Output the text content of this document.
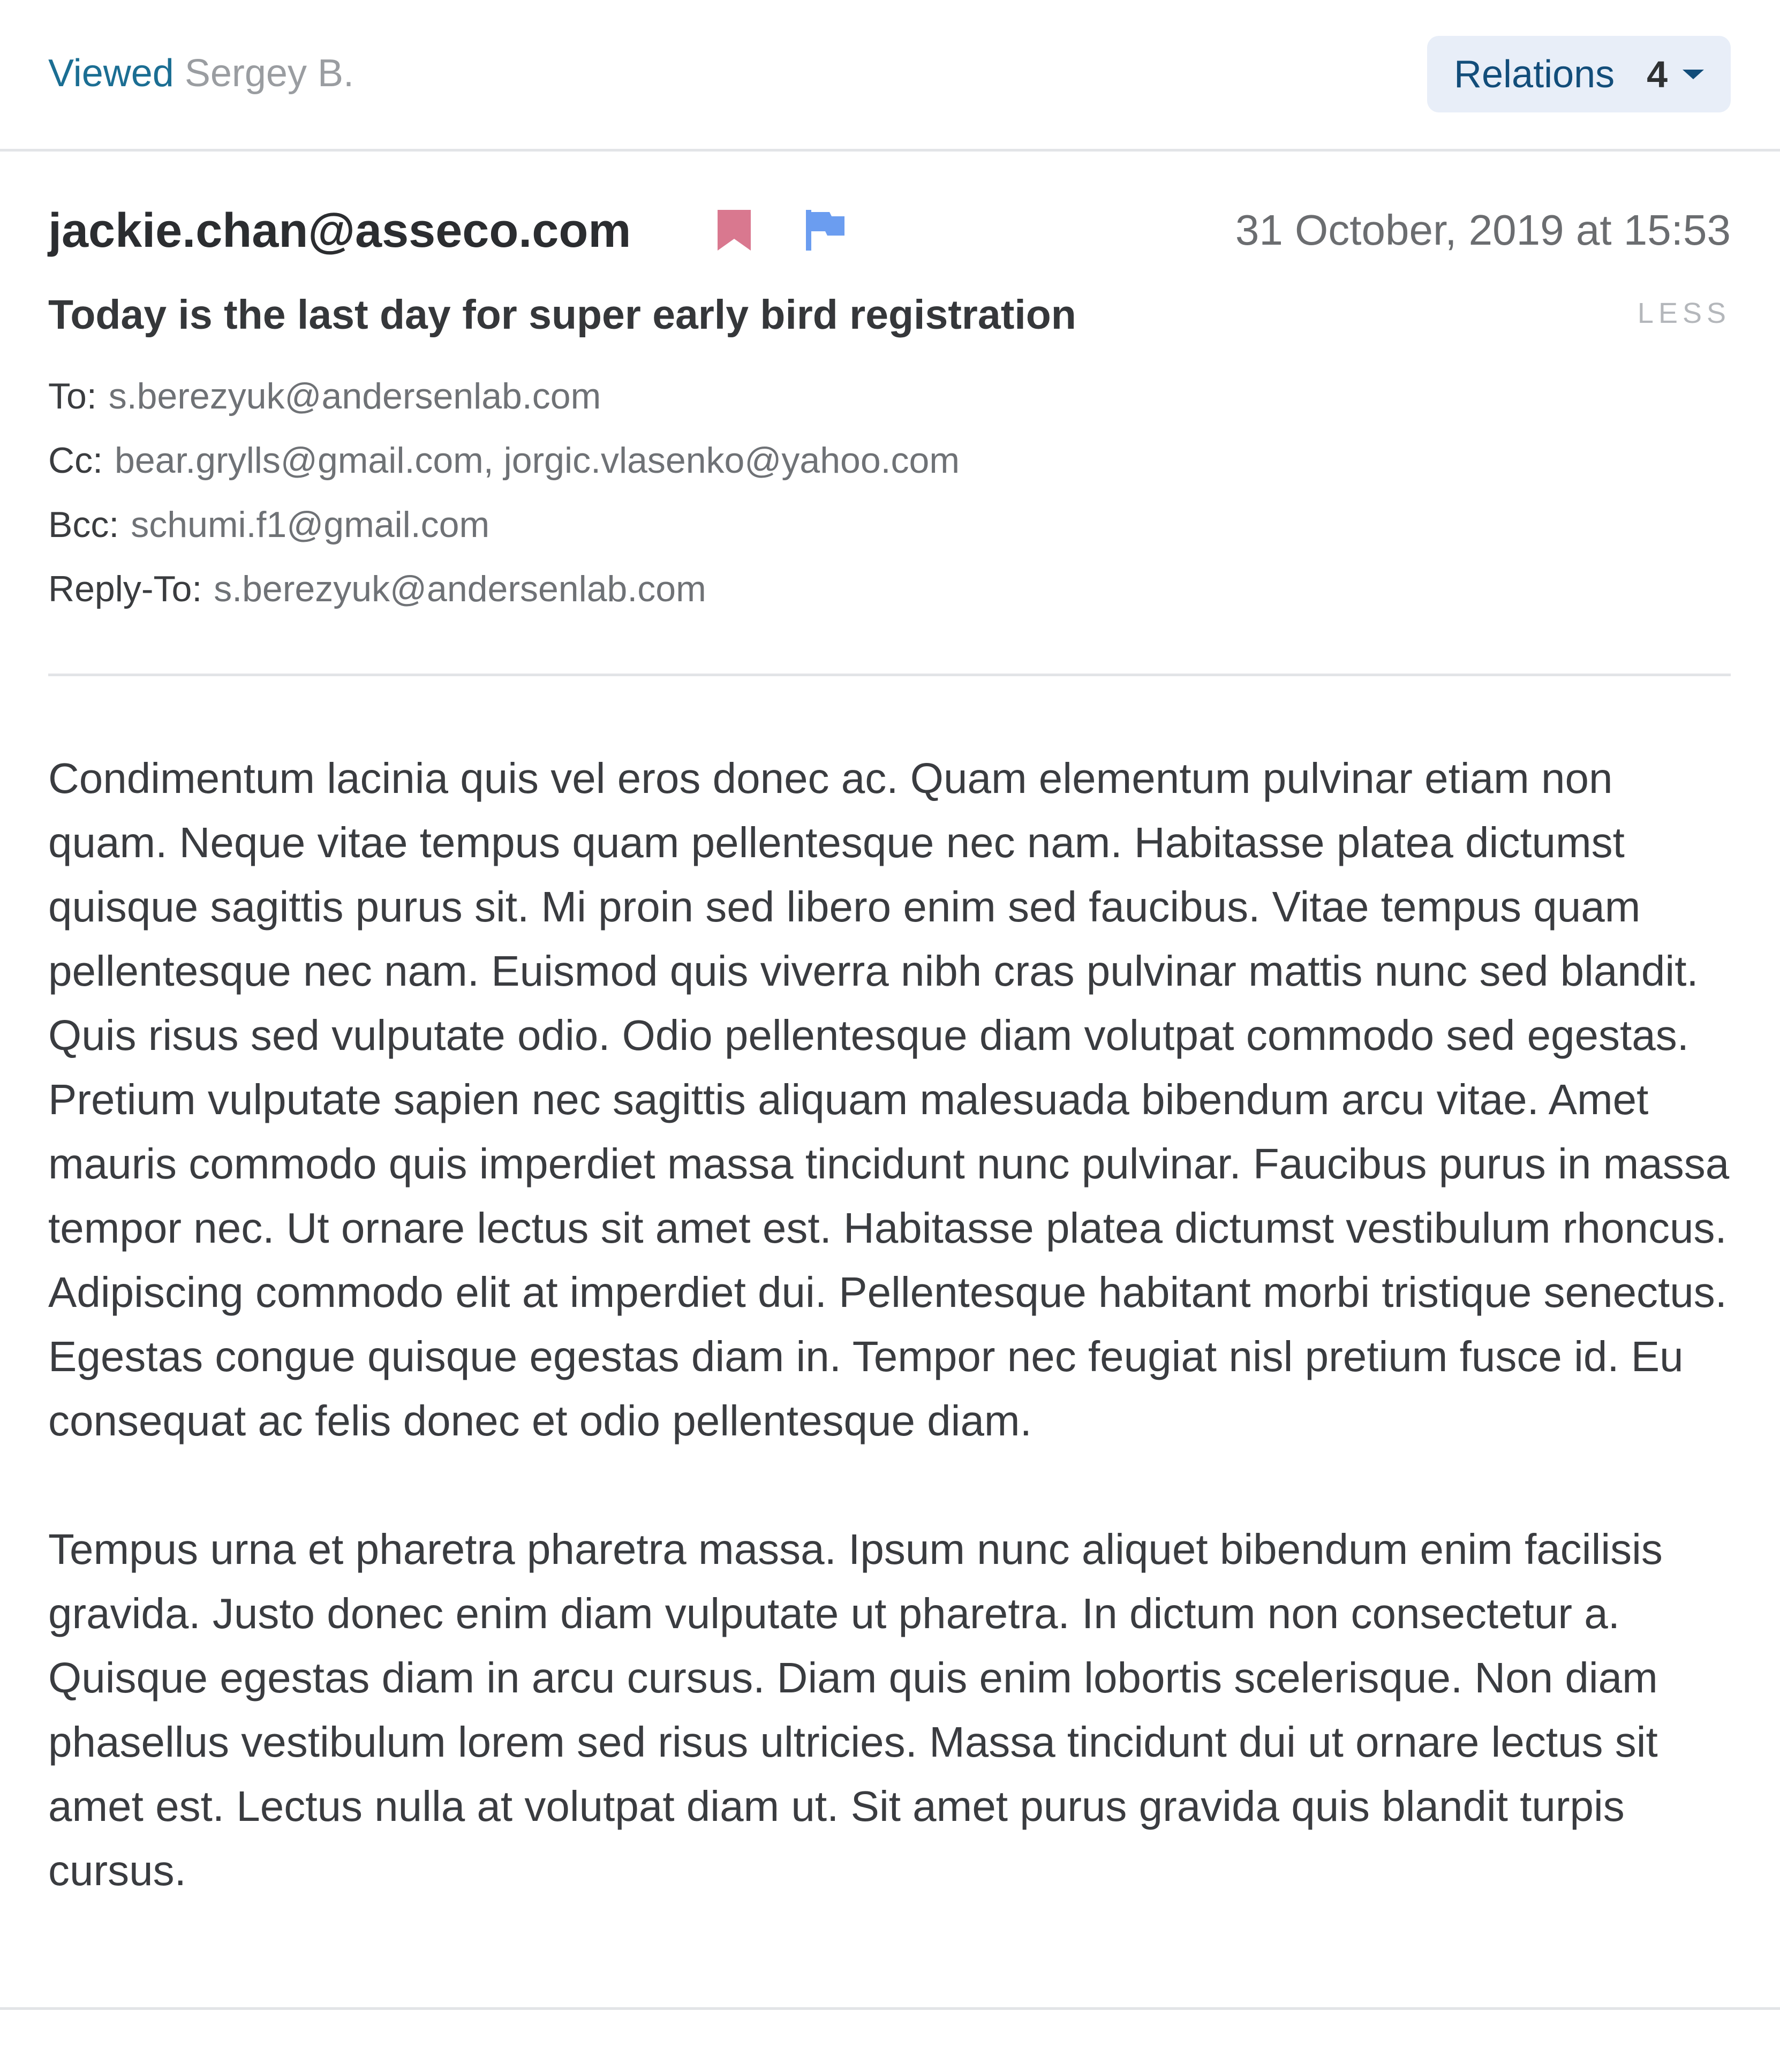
Viewed Sergey B.	Relations 4
jackie.chan@asseco.com	31 October, 2019 at 15:53
Today is the last day for super early bird registration	LESS
To: s.berezyuk@andersenlab.com
Cc: bear.grylls@gmail.com, jorgic.vlasenko@yahoo.com
Bcc: schumi.f1@gmail.com
Reply-To: s.berezyuk@andersenlab.com

Condimentum lacinia quis vel eros donec ac. Quam elementum pulvinar etiam non quam. Neque vitae tempus quam pellentesque nec nam. Habitasse platea dictumst quisque sagittis purus sit. Mi proin sed libero enim sed faucibus. Vitae tempus quam pellentesque nec nam. Euismod quis viverra nibh cras pulvinar mattis nunc sed blandit. Quis risus sed vulputate odio. Odio pellentesque diam volutpat commodo sed egestas. Pretium vulputate sapien nec sagittis aliquam malesuada bibendum arcu vitae. Amet mauris commodo quis imperdiet massa tincidunt nunc pulvinar. Faucibus purus in massa tempor nec. Ut ornare lectus sit amet est. Habitasse platea dictumst vestibulum rhoncus. Adipiscing commodo elit at imperdiet dui. Pellentesque habitant morbi tristique senectus. Egestas congue quisque egestas diam in. Tempor nec feugiat nisl pretium fusce id. Eu consequat ac felis donec et odio pellentesque diam.

Tempus urna et pharetra pharetra massa. Ipsum nunc aliquet bibendum enim facilisis gravida. Justo donec enim diam vulputate ut pharetra. In dictum non consectetur a. Quisque egestas diam in arcu cursus. Diam quis enim lobortis scelerisque. Non diam phasellus vestibulum lorem sed risus ultricies. Massa tincidunt dui ut ornare lectus sit amet est. Lectus nulla at volutpat diam ut. Sit amet purus gravida quis blandit turpis cursus.
